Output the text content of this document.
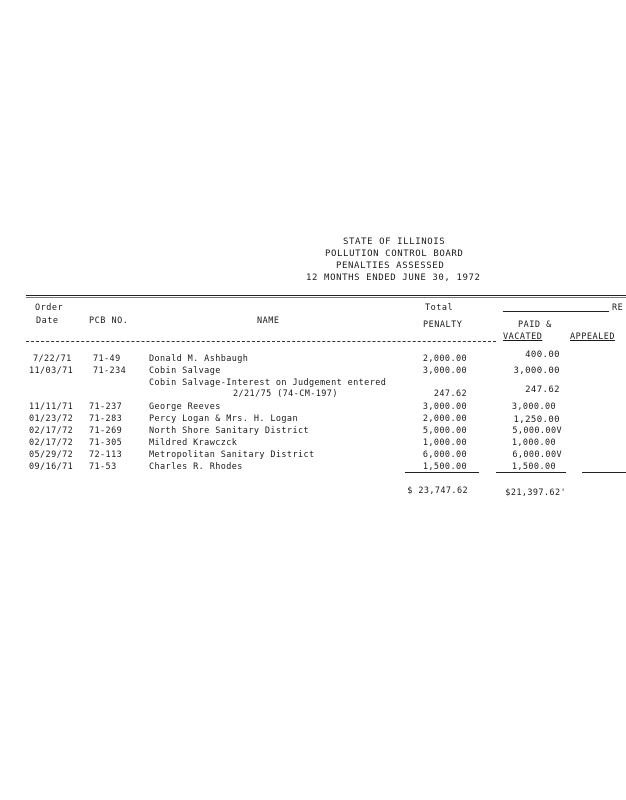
STATE OF ILLINOIS
POLLUTION CONTROL BOARD
PENALTIES ASSESSED
12 MONTHS ENDED JUNE 30, 1972
Order
Date	PCB NO.	NAME
Total
PENALTY
RE
PAID &
VACATED	APPEALED
7/22/71	71-49	Donald M. Ashbaugh	2,000.00	400.00
11/03/71 71-234	Cobin Salvage	3,000.00	3,000.00
Cobin Salvage-Interest on Judgement entered
2/21/75 (74-CM-197)	247.62	247.62
11/11/71 71-237	George Reeves	3,000.00	3,000.00
01/23/72 71-283	Percy Logan & Mrs. H. Logan	2,000.00	1,250.00
02/17/72 71-269	North Shore Sanitary District	5,000.00	5,000.00V
02/17/72 71-305	Mildred Krawczck	1,000.00	1,000.00
05/29/72 72-113	Metropolitan Sanitary District	6,000.00	6,000.00V
09/16/71 71-53	Charles R. Rhodes	1,500.00	1,500.00
$ 23,747.62	$21,397.62'
